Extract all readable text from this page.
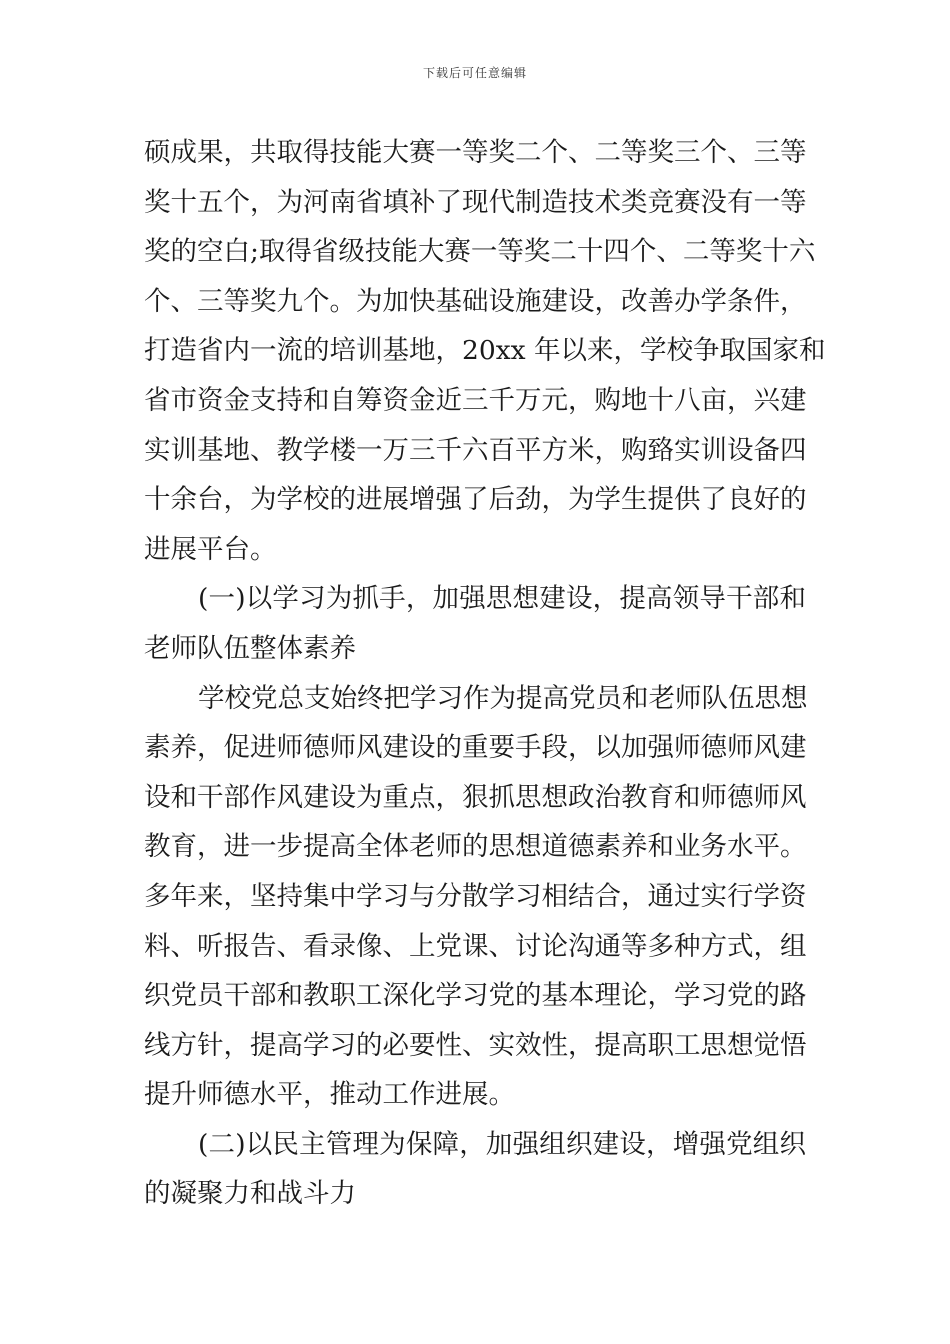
下载后可任意编辑
硕成果，共取得技能大赛一等奖二个、二等奖三个、三等
奖十五个，为河南省填补了现代制造技术类竞赛没有一等
奖的空白;取得省级技能大赛一等奖二十四个、二等奖十六
个、三等奖九个。为加快基础设施建设，改善办学条件，
打造省内一流的培训基地，20xx 年以来，学校争取国家和
省市资金支持和自筹资金近三千万元，购地十八亩，兴建
实训基地、教学楼一万三千六百平方米，购臵实训设备四
十余台，为学校的进展增强了后劲，为学生提供了良好的
进展平台。
(一)以学习为抓手，加强思想建设，提高领导干部和
老师队伍整体素养
学校党总支始终把学习作为提高党员和老师队伍思想
素养，促进师德师风建设的重要手段，以加强师德师风建
设和干部作风建设为重点，狠抓思想政治教育和师德师风
教育，进一步提高全体老师的思想道德素养和业务水平。
多年来，坚持集中学习与分散学习相结合，通过实行学资
料、听报告、看录像、上党课、讨论沟通等多种方式，组
织党员干部和教职工深化学习党的基本理论，学习党的路
线方针，提高学习的必要性、实效性，提高职工思想觉悟
提升师德水平，推动工作进展。
(二)以民主管理为保障，加强组织建设，增强党组织
的凝聚力和战斗力
